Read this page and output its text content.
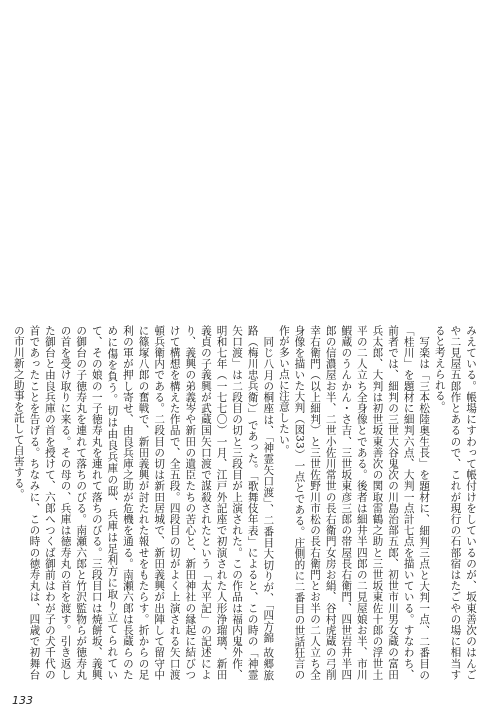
みえている。帳場にすわって帳付けをしているのが、坂東善次のはんごや二見屋五郎作とあるので、これが現行の石部宿はたごやの場に相当すると考えられる。

写楽は「三本松陸奥生長」を題材に、細判三点と大判一点、二番目の「桂川」を題材に細判六点、大判一点計七点を描いている。すなわち、前者では、細判の三世大谷鬼次の川島治部五郎、初世市川男女蔵の富田兵太郎、大判は初世坂東善次の関取雷鶴之助と三世坂東佐十郎の浮世土平の二人立ち全身像とである。後者は細井半四郎の二見屋娘お半、市川鰕蔵のうんかん・さ吉、三世坂東彦三郎の帯屋長右衛門、四世岩井半四郎の信濃屋お半、二世小佐川常世の長右衛門女房お絹、谷村虎蔵の弓削幸右衛門（以上細判）と三世佐野川市松の長右衛門とお半の二人立ち全身像を描いた大判（図33）一点とである。庄側的に二番目の世話狂言の作が多い点に注意したい。

同じ八月の桐座は、「神霊矢口渡」、二番目大切りが、「四方錦 故郷旅路（梅川忠兵衛）」であった。「歌舞伎年表」によると、この時の「神霊矢口渡」は二段目の切と三段目が上演された。この作品は福内鬼外作、明和七年（一七七〇）一月、江戸外記座で初演された人形浄瑠璃、新田義貞の子義興が武蔵国矢口渡で謀殺されたという「太平記」の記述により、義興の弟義岑や新田の遺臣たちの苦心と、新田神社の縁起に結びつけて構想を構えた作品で、全五段。四段目の切がよく上演される矢口渡頓兵衛内である。二段目の切は新田居城で、新田義興が出陣して留守中に篠塚八郎の奮戦で、新田義興が討たれた報せをもたらす。折からの足利の軍が押し寄せ、由良兵庫之助が危機を通る。南瀬六郎は長蔵らのために傷を負う。切は由良兵庫の邸、兵庫は足利方に取り立てられていて、その娘の一子徳寿丸を連れて落ちのびる。三段目口は焼餅坂、義興の御台の子徳寿丸を連れて落ちのびる。南瀬六郎と竹沢監物らが徳寿丸の首を受け取りに来る。その母の、兵庫は徳寿丸の首を渡す。引き返した御台と由良兵庫の首を授けて、六郎へつくば御前はわが子の犬千代の首であったことを告げる。ちなみに、この時の徳寿丸は、四歳で初舞台の市川新之助事を託して自害する。

133
